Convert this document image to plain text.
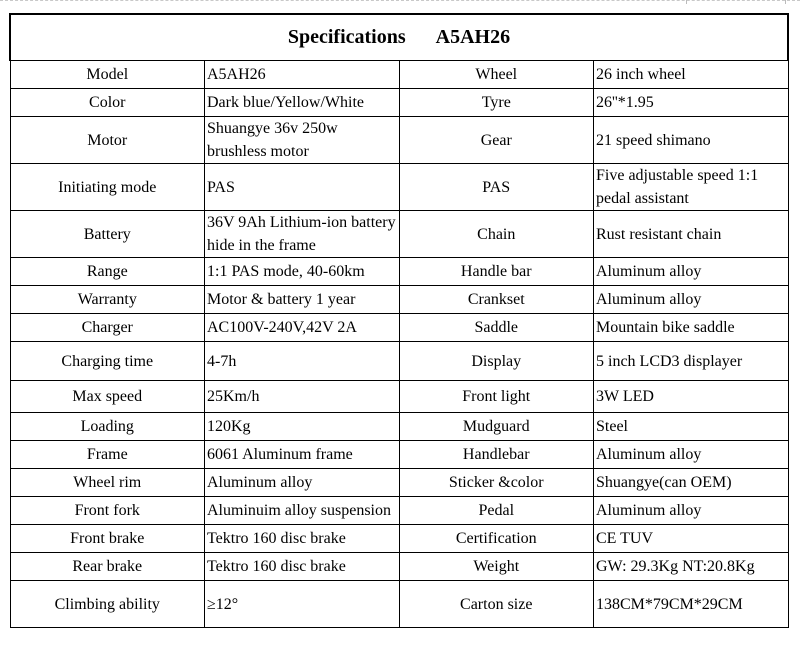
Specifications A5AH26			
Model	A5AH26	Wheel	26 inch wheel
Color	Dark blue/Yellow/White	Tyre	26''*1.95
Motor	Shuangye 36v 250w brushless motor	Gear	21 speed shimano
Initiating mode	PAS	PAS	Five adjustable speed 1:1 pedal assistant
Battery	36V 9Ah Lithium-ion battery hide in the frame	Chain	Rust resistant chain
Range	1:1 PAS mode, 40-60km	Handle bar	Aluminum alloy
Warranty	Motor & battery 1 year	Crankset	Aluminum alloy
Charger	AC100V-240V,42V 2A	Saddle	Mountain bike saddle
Charging time	4-7h	Display	5 inch LCD3 displayer
Max speed	25Km/h	Front light	3W LED
Loading	120Kg	Mudguard	Steel
Frame	6061 Aluminum frame	Handlebar	Aluminum alloy
Wheel rim	Aluminum alloy	Sticker &color	Shuangye(can OEM)
Front fork	Aluminuim alloy suspension	Pedal	Aluminum alloy
Front brake	Tektro 160 disc brake	Certification	CE TUV
Rear brake	Tektro 160 disc brake	Weight	GW: 29.3Kg NT:20.8Kg
Climbing ability	≥12°	Carton size	138CM*79CM*29CM
